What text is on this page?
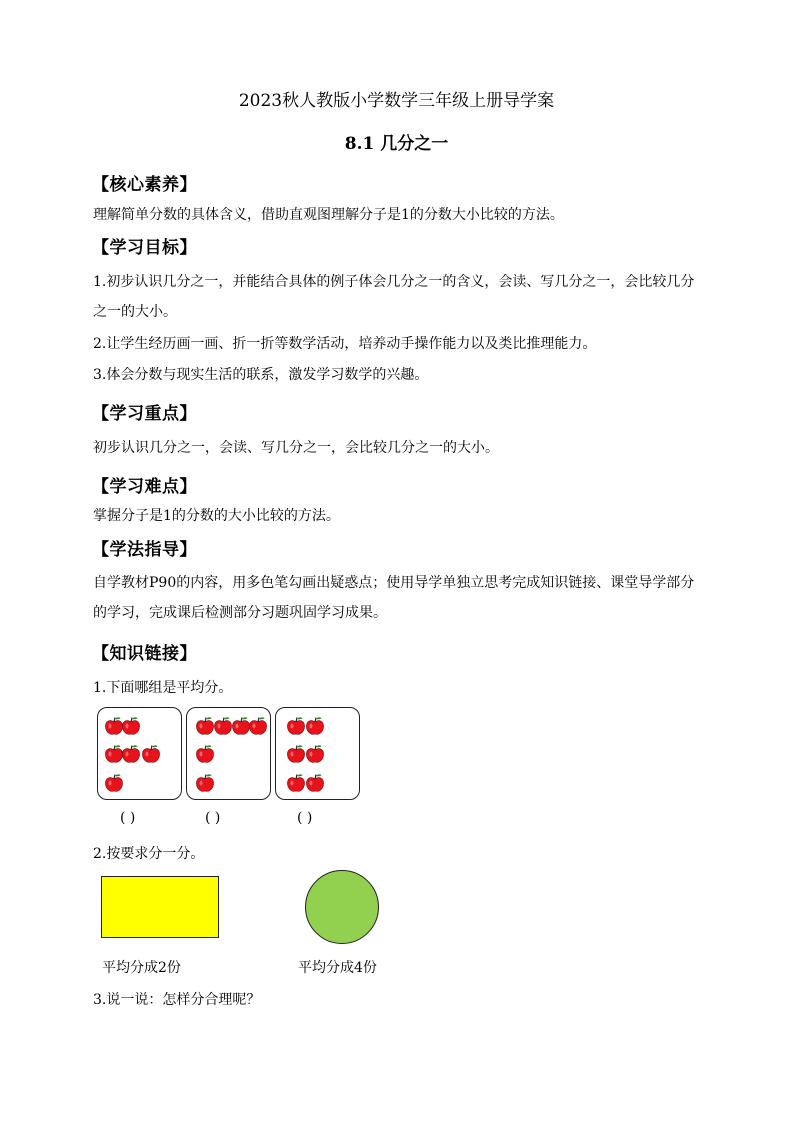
2023秋人教版小学数学三年级上册导学案
8.1 几分之一
【核心素养】
理解简单分数的具体含义，借助直观图理解分子是1的分数大小比较的方法。
【学习目标】
1.初步认识几分之一，并能结合具体的例子体会几分之一的含义，会读、写几分之一，会比较几分
之一的大小。
2.让学生经历画一画、折一折等数学活动，培养动手操作能力以及类比推理能力。
3.体会分数与现实生活的联系，激发学习数学的兴趣。
【学习重点】
初步认识几分之一，会读、写几分之一，会比较几分之一的大小。
【学习难点】
掌握分子是1的分数的大小比较的方法。
【学法指导】
自学教材P90的内容，用多色笔勾画出疑惑点；使用导学单独立思考完成知识链接、课堂导学部分
的学习，完成课后检测部分习题巩固学习成果。
【知识链接】
1.下面哪组是平均分。
( )	( )	( )
2.按要求分一分。
平均分成2份	平均分成4份
3.说一说：怎样分合理呢？
